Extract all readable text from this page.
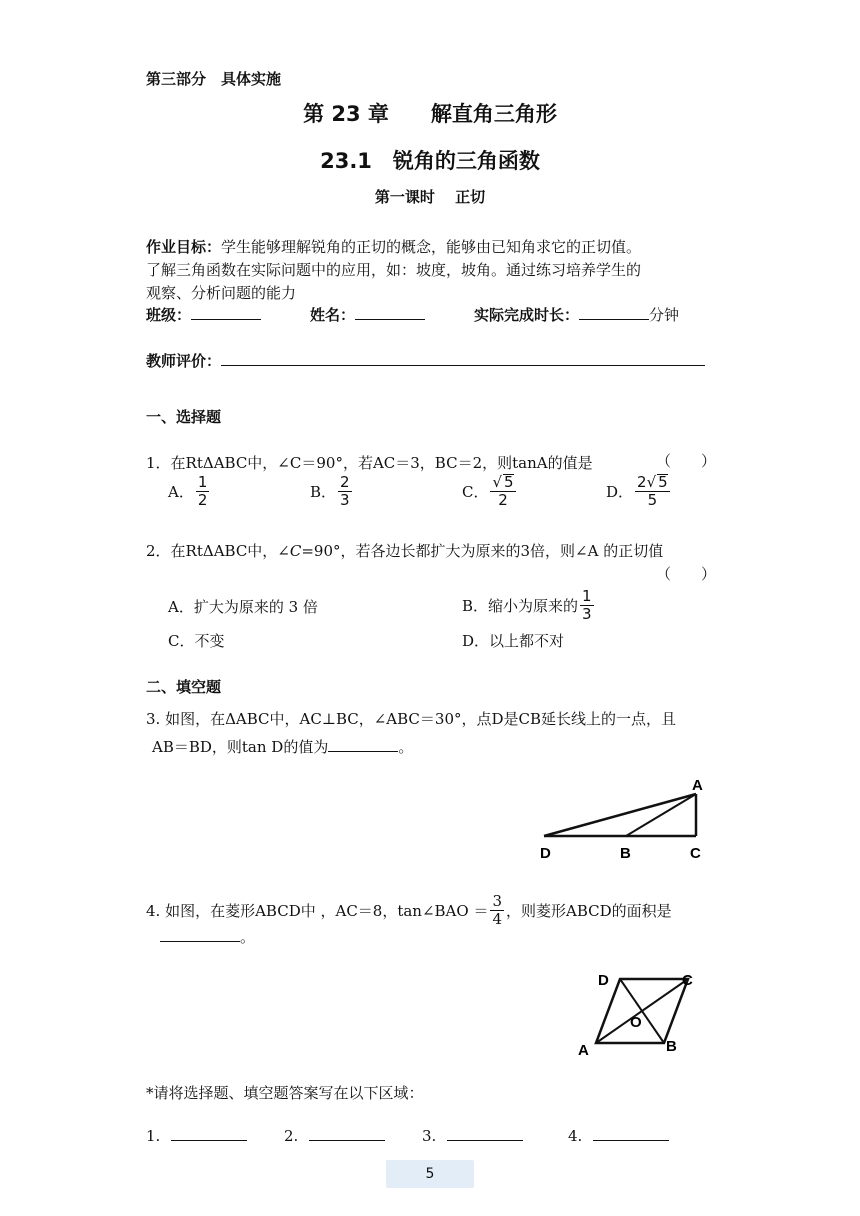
第三部分　具体实施
第 23 章　　解直角三角形
23.1　锐角的三角函数
第一课时　 正切
作业目标：学生能够理解锐角的正切的概念，能够由已知角求它的正切值。
了解三角函数在实际问题中的应用，如：坡度，坡角。通过练习培养学生的
观察、分析问题的能力
班级：	姓名：	实际完成时长：	分钟
教师评价：
一、选择题
1．在RtΔABC中，∠C＝90°，若AC＝3，BC＝2，则tanA的值是	（　　）
A． $\frac{1}{2}$	B． $\frac{2}{3}$	C． $\frac{√ 5}{2}$	D． $\frac{2√ 5}{5}$
2．在RtΔABC中，∠C=90°，若各边长都扩大为原来的3倍，则∠A 的正切值
（　　）
A．扩大为原来的 3 倍	B．缩小为原来的 $\frac{1}{3}$
C．不变	D．以上都不对
二、填空题
3. 如图，在ΔABC中，AC⊥BC，∠ABC＝30°，点D是CB延长线上的一点，且
AB＝BD，则tan D的值为	。
A
B	C
D
4. 如图，在菱形ABCD中 ，AC＝8，tan∠BAO ＝ $\frac{3}{4}$ ，则菱形ABCD的面积是
。
A	B
C
D
O
*请将选择题、填空题答案写在以下区域：
1.	2.	3.	4.
5
